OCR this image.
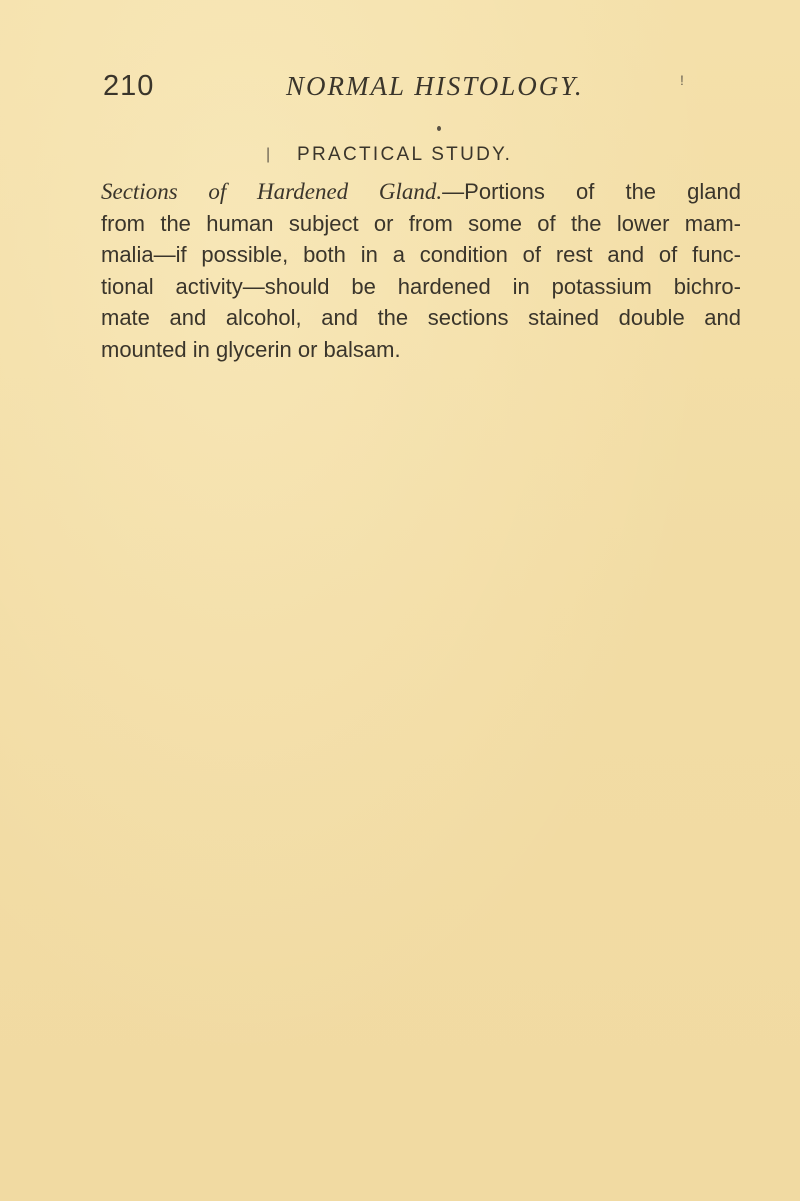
210	NORMAL HISTOLOGY.	!
| PRACTICAL STUDY.
Sections of Hardened Gland.—Portions of the gland
from the human subject or from some of the lower mam-
malia—if possible, both in a condition of rest and of func-
tional activity—should be hardened in potassium bichro-
mate and alcohol, and the sections stained double and
mounted in glycerin or balsam.
